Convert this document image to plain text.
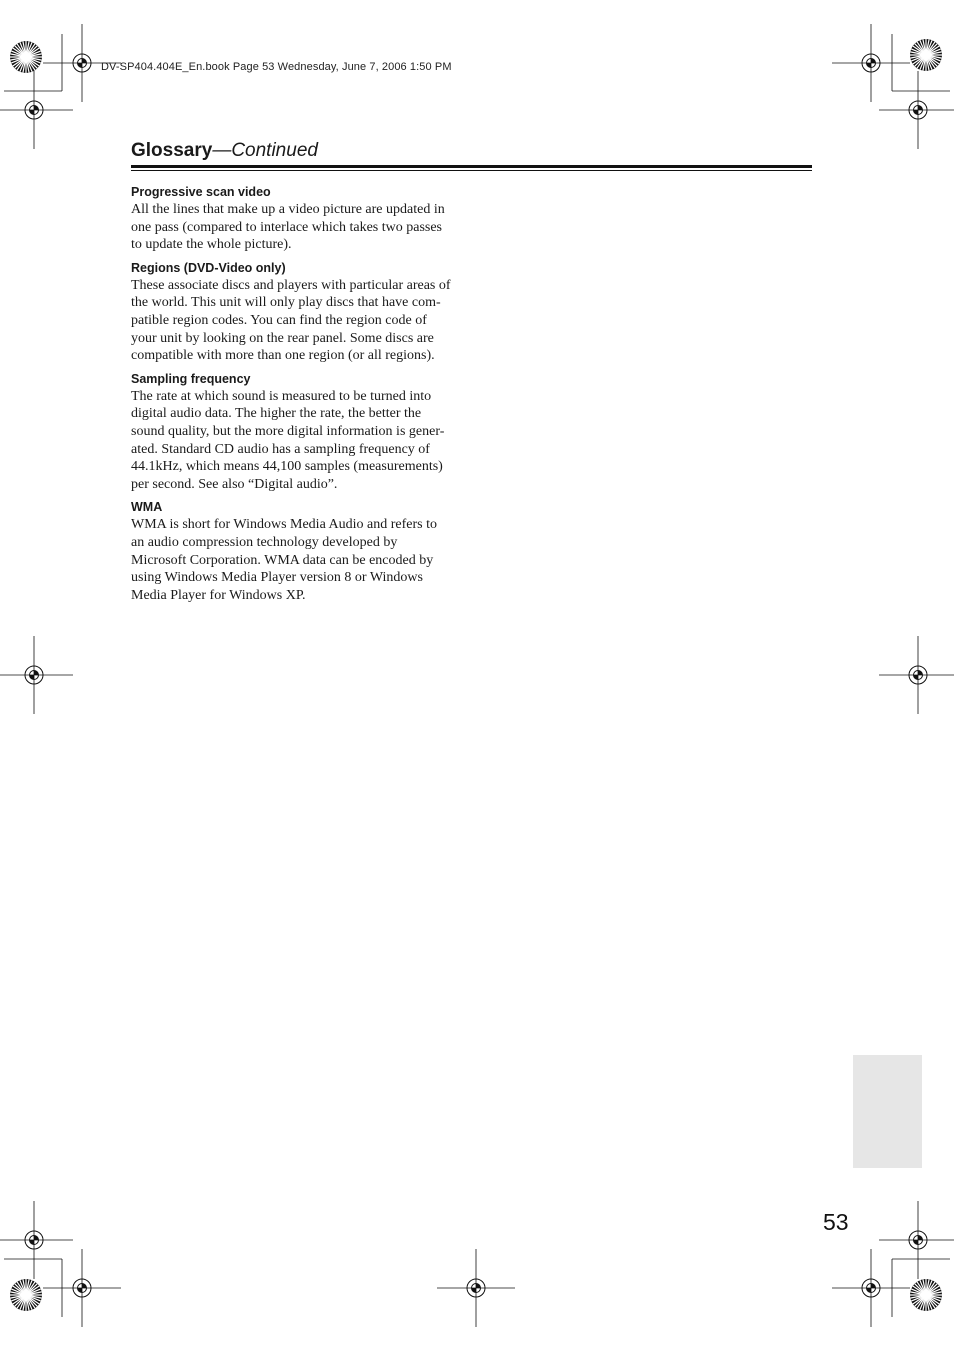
DV-SP404.404E_En.book Page 53 Wednesday, June 7, 2006 1:50 PM
Glossary—Continued

Progressive scan video

All the lines that make up a video picture are updated in
one pass (compared to interlace which takes two passes
to update the whole picture).

Regions (DVD-Video only)

These associate discs and players with particular areas of
the world. This unit will only play discs that have com-
patible region codes. You can find the region code of
your unit by looking on the rear panel. Some discs are
compatible with more than one region (or all regions).

Sampling frequency

The rate at which sound is measured to be turned into
digital audio data. The higher the rate, the better the
sound quality, but the more digital information is gener-
ated. Standard CD audio has a sampling frequency of
44.1kHz, which means 44,100 samples (measurements)
per second. See also “Digital audio”.

WMA

WMA is short for Windows Media Audio and refers to
an audio compression technology developed by
Microsoft Corporation. WMA data can be encoded by
using Windows Media Player version 8 or Windows
Media Player for Windows XP.

53
